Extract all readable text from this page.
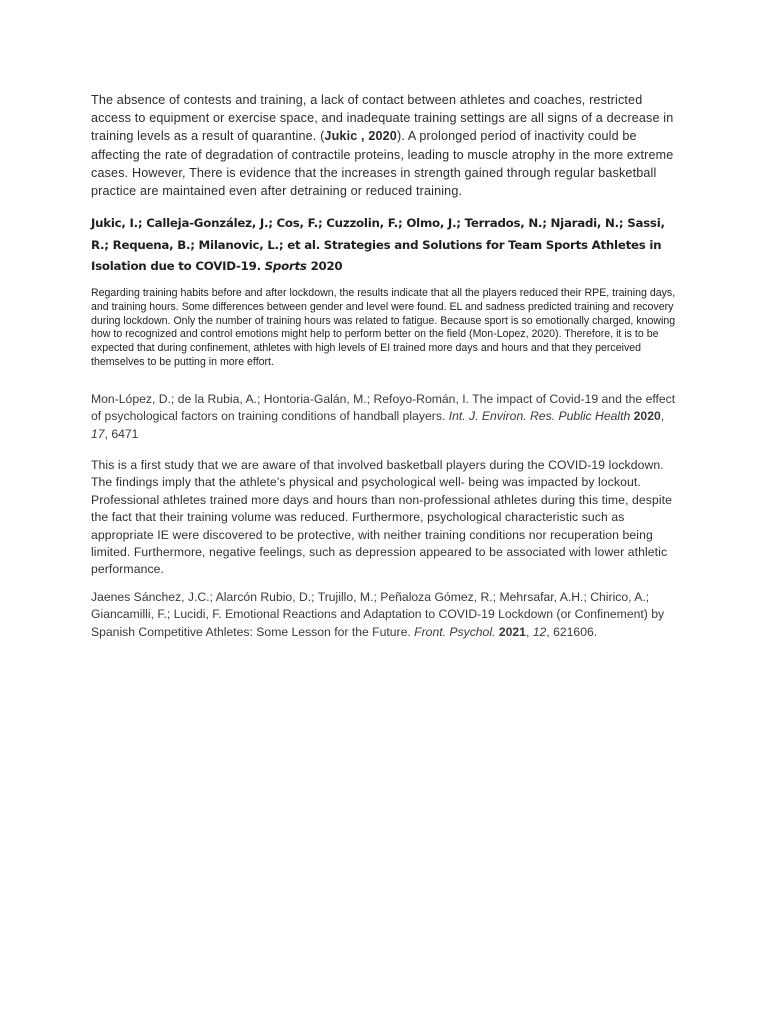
The absence of contests and training, a lack of contact between athletes and coaches, restricted access to equipment or exercise space, and inadequate training settings are all signs of a decrease in training levels as a result of quarantine. (Jukic , 2020). A prolonged period of inactivity could be affecting the rate of degradation of contractile proteins, leading to muscle atrophy in the more extreme cases. However, There is evidence that the increases in strength gained through regular basketball practice are maintained even after detraining or reduced training.

Jukic, I.; Calleja-González, J.; Cos, F.; Cuzzolin, F.; Olmo, J.; Terrados, N.; Njaradi, N.; Sassi, R.; Requena, B.; Milanovic, L.; et al. Strategies and Solutions for Team Sports Athletes in Isolation due to COVID-19. Sports 2020

Regarding training habits before and after lockdown, the results indicate that all the players reduced their RPE, training days, and training hours. Some differences between gender and level were found. EL and sadness predicted training and recovery during lockdown. Only the number of training hours was related to fatigue. Because sport is so emotionally charged, knowing how to recognized and control emotions might help to perform better on the field (Mon-Lopez, 2020). Therefore, it is to be expected that during confinement, athletes with high levels of EI trained more days and hours and that they perceived themselves to be putting in more effort.

Mon-López, D.; de la Rubia, A.; Hontoria-Galán, M.; Refoyo-Román, I. The impact of Covid-19 and the effect of psychological factors on training conditions of handball players. Int. J. Environ. Res. Public Health 2020, 17, 6471

This is a first study that we are aware of that involved basketball players during the COVID-19 lockdown. The findings imply that the athlete’s physical and psychological well- being was impacted by lockout. Professional athletes trained more days and hours than non-professional athletes during this time, despite the fact that their training volume was reduced. Furthermore, psychological characteristic such as appropriate IE were discovered to be protective, with neither training conditions nor recuperation being limited. Furthermore, negative feelings, such as depression appeared to be associated with lower athletic performance.

Jaenes Sánchez, J.C.; Alarcón Rubio, D.; Trujillo, M.; Peñaloza Gómez, R.; Mehrsafar, A.H.; Chirico, A.; Giancamilli, F.; Lucidi, F. Emotional Reactions and Adaptation to COVID-19 Lockdown (or Confinement) by Spanish Competitive Athletes: Some Lesson for the Future. Front. Psychol. 2021, 12, 621606.
